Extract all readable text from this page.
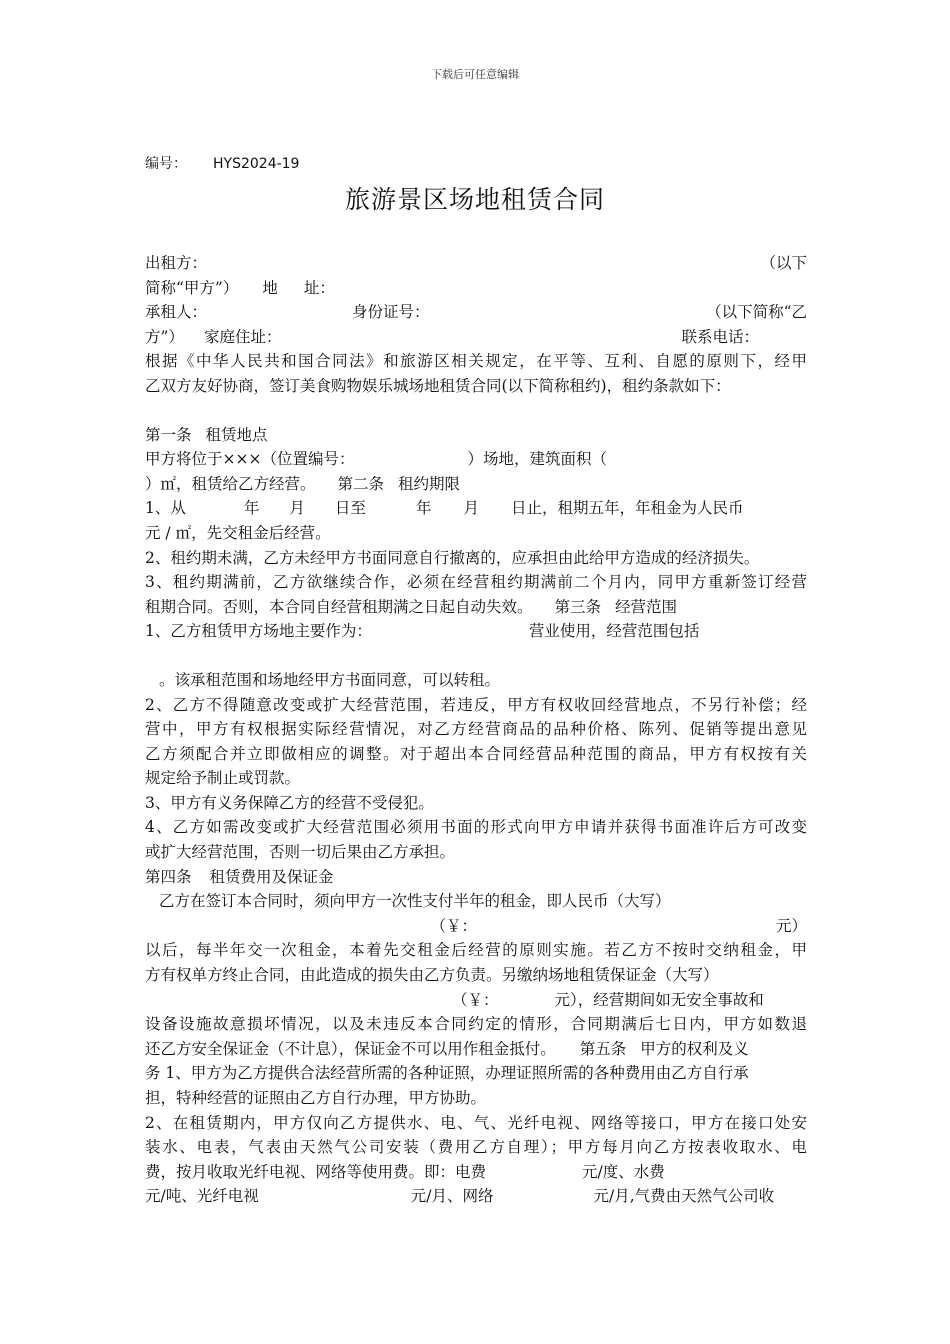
下载后可任意编辑
编号： HYS2024-19
旅游景区场地租赁合同
出租方：	（以下
简称“甲方”） 地 址：
承租人：	身份证号：	（以下简称“乙
方”） 家庭住址：	联系电话：
根据《中华人民共和国合同法》和旅游区相关规定，在平等、互利、自愿的原则下，经甲
乙双方友好协商，签订美食购物娱乐城场地租赁合同(以下简称租约)，租约条款如下：
第一条 租赁地点
甲方将位于×××（位置编号：	）场地，建筑面积（
）㎡，租赁给乙方经营。 第二条 租约期限
1、从	年 月 日至	年 月 日止，租期五年，年租金为人民币
元 / ㎡，先交租金后经营。
2、租约期未满，乙方未经甲方书面同意自行撤离的，应承担由此给甲方造成的经济损失。
3、租约期满前，乙方欲继续合作，必须在经营租约期满前二个月内，同甲方重新签订经营
租期合同。否则，本合同自经营租期满之日起自动失效。 第三条 经营范围
1、乙方租赁甲方场地主要作为：	营业使用，经营范围包括
。该承租范围和场地经甲方书面同意，可以转租。
2、乙方不得随意改变或扩大经营范围，若违反，甲方有权收回经营地点，不另行补偿；经
营中，甲方有权根据实际经营情况，对乙方经营商品的品种价格、陈列、促销等提出意见
乙方须配合并立即做相应的调整。对于超出本合同经营品种范围的商品，甲方有权按有关
规定给予制止或罚款。
3、甲方有义务保障乙方的经营不受侵犯。
4、乙方如需改变或扩大经营范围必须用书面的形式向甲方申请并获得书面准许后方可改变
或扩大经营范围，否则一切后果由乙方承担。
第四条 租赁费用及保证金
乙方在签订本合同时，须向甲方一次性支付半年的租金，即人民币（大写）
（￥：	元）
以后，每半年交一次租金，本着先交租金后经营的原则实施。若乙方不按时交纳租金，甲
方有权单方终止合同，由此造成的损失由乙方负责。另缴纳场地租赁保证金（大写）
（￥：	元），经营期间如无安全事故和
设备设施故意损坏情况，以及未违反本合同约定的情形，合同期满后七日内，甲方如数退
还乙方安全保证金（不计息），保证金不可以用作租金抵付。 第五条 甲方的权利及义
务 1、甲方为乙方提供合法经营所需的各种证照，办理证照所需的各种费用由乙方自行承
担，特种经营的证照由乙方自行办理，甲方协助。
2、在租赁期内，甲方仅向乙方提供水、电、气、光纤电视、网络等接口，甲方在接口处安
装水、电表，气表由天然气公司安装（费用乙方自理）；甲方每月向乙方按表收取水、电
费，按月收取光纤电视、网络等使用费。即：电费	元/度、水费
元/吨、光纤电视	元/月、网络	元/月,气费由天然气公司收
